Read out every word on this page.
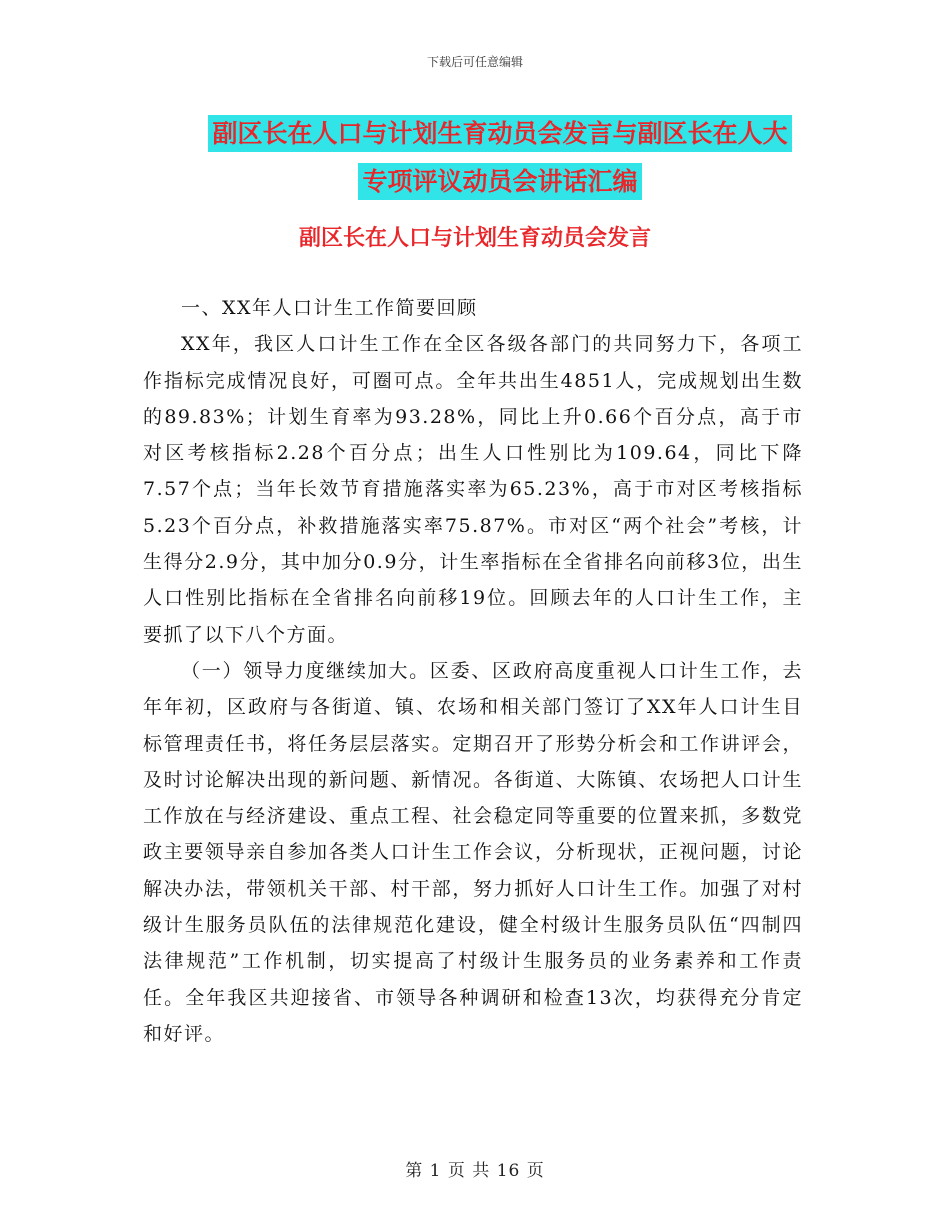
下载后可任意编辑
副区长在人口与计划生育动员会发言与副区长在人大
专项评议动员会讲话汇编
副区长在人口与计划生育动员会发言

一、XX年人口计生工作简要回顾

XX年，我区人口计生工作在全区各级各部门的共同努力下，各项工作指标完成情况良好，可圈可点。全年共出生4851人，完成规划出生数的89.83%；计划生育率为93.28%，同比上升0.66个百分点，高于市对区考核指标2.28个百分点；出生人口性别比为109.64，同比下降7.57个点；当年长效节育措施落实率为65.23%，高于市对区考核指标5.23个百分点，补救措施落实率75.87%。市对区“两个社会”考核，计生得分2.9分，其中加分0.9分，计生率指标在全省排名向前移3位，出生人口性别比指标在全省排名向前移19位。回顾去年的人口计生工作，主要抓了以下八个方面。

（一）领导力度继续加大。区委、区政府高度重视人口计生工作，去年年初，区政府与各街道、镇、农场和相关部门签订了XX年人口计生目标管理责任书，将任务层层落实。定期召开了形势分析会和工作讲评会，及时讨论解决出现的新问题、新情况。各街道、大陈镇、农场把人口计生工作放在与经济建设、重点工程、社会稳定同等重要的位置来抓，多数党政主要领导亲自参加各类人口计生工作会议，分析现状，正视问题，讨论解决办法，带领机关干部、村干部，努力抓好人口计生工作。加强了对村级计生服务员队伍的法律规范化建设，健全村级计生服务员队伍“四制四法律规范”工作机制，切实提高了村级计生服务员的业务素养和工作责任。全年我区共迎接省、市领导各种调研和检查13次，均获得充分肯定和好评。

第 1 页 共 16 页
